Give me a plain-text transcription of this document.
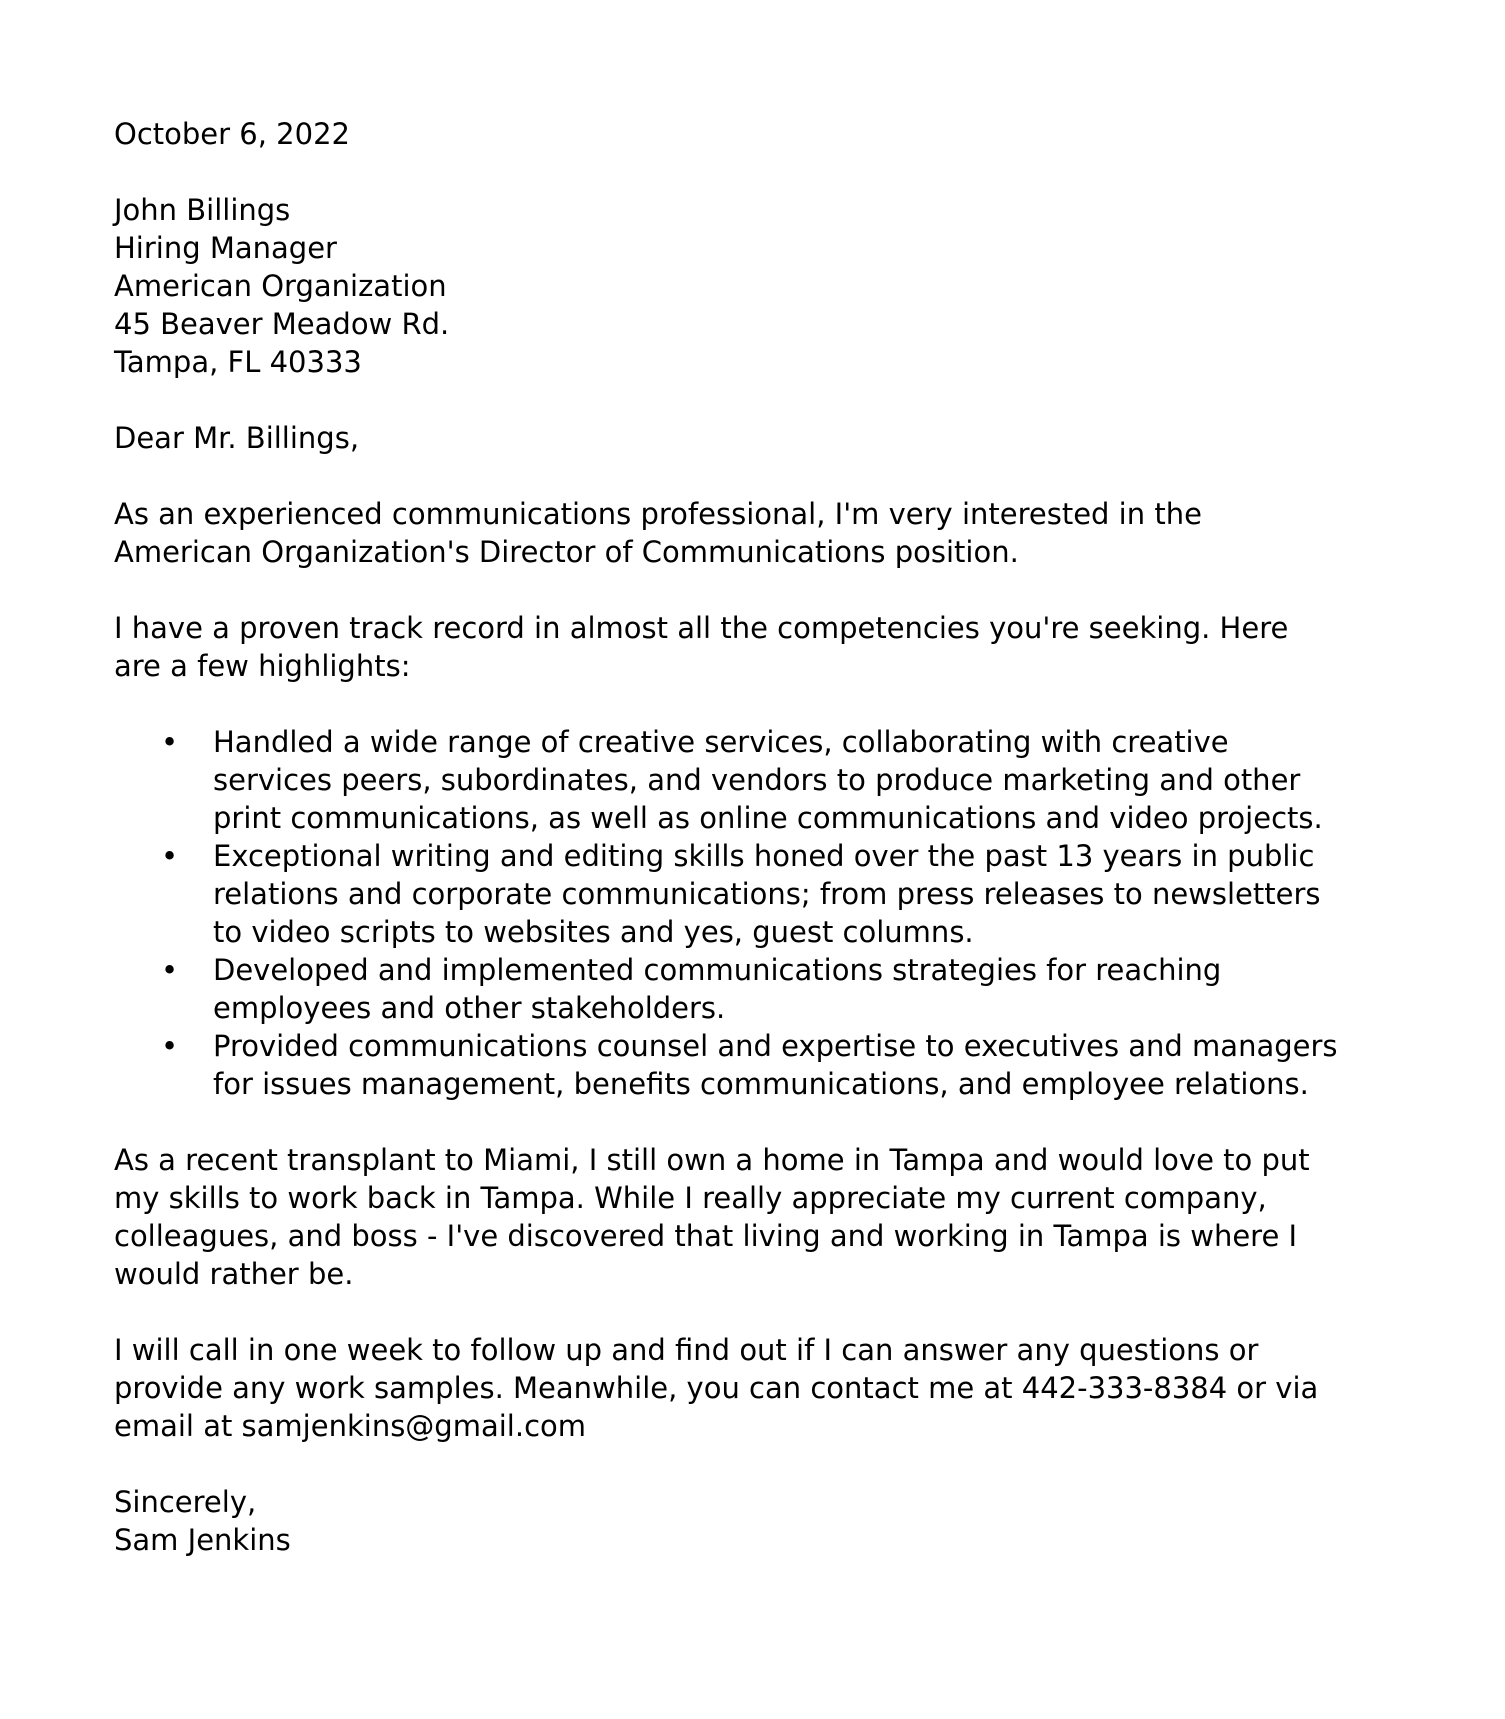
October 6, 2022
John Billings
Hiring Manager
American Organization
45 Beaver Meadow Rd.
Tampa, FL 40333
Dear Mr. Billings,
As an experienced communications professional, I'm very interested in the
American Organization's Director of Communications position.
I have a proven track record in almost all the competencies you're seeking. Here
are a few highlights:
• Handled a wide range of creative services, collaborating with creative
services peers, subordinates, and vendors to produce marketing and other
print communications, as well as online communications and video projects.
• Exceptional writing and editing skills honed over the past 13 years in public
relations and corporate communications; from press releases to newsletters
to video scripts to websites and yes, guest columns.
• Developed and implemented communications strategies for reaching
employees and other stakeholders.
• Provided communications counsel and expertise to executives and managers
for issues management, benefits communications, and employee relations.
As a recent transplant to Miami, I still own a home in Tampa and would love to put
my skills to work back in Tampa. While I really appreciate my current company,
colleagues, and boss - I've discovered that living and working in Tampa is where I
would rather be.
I will call in one week to follow up and find out if I can answer any questions or
provide any work samples. Meanwhile, you can contact me at 442-333-8384 or via
email at samjenkins@gmail.com
Sincerely,
Sam Jenkins
